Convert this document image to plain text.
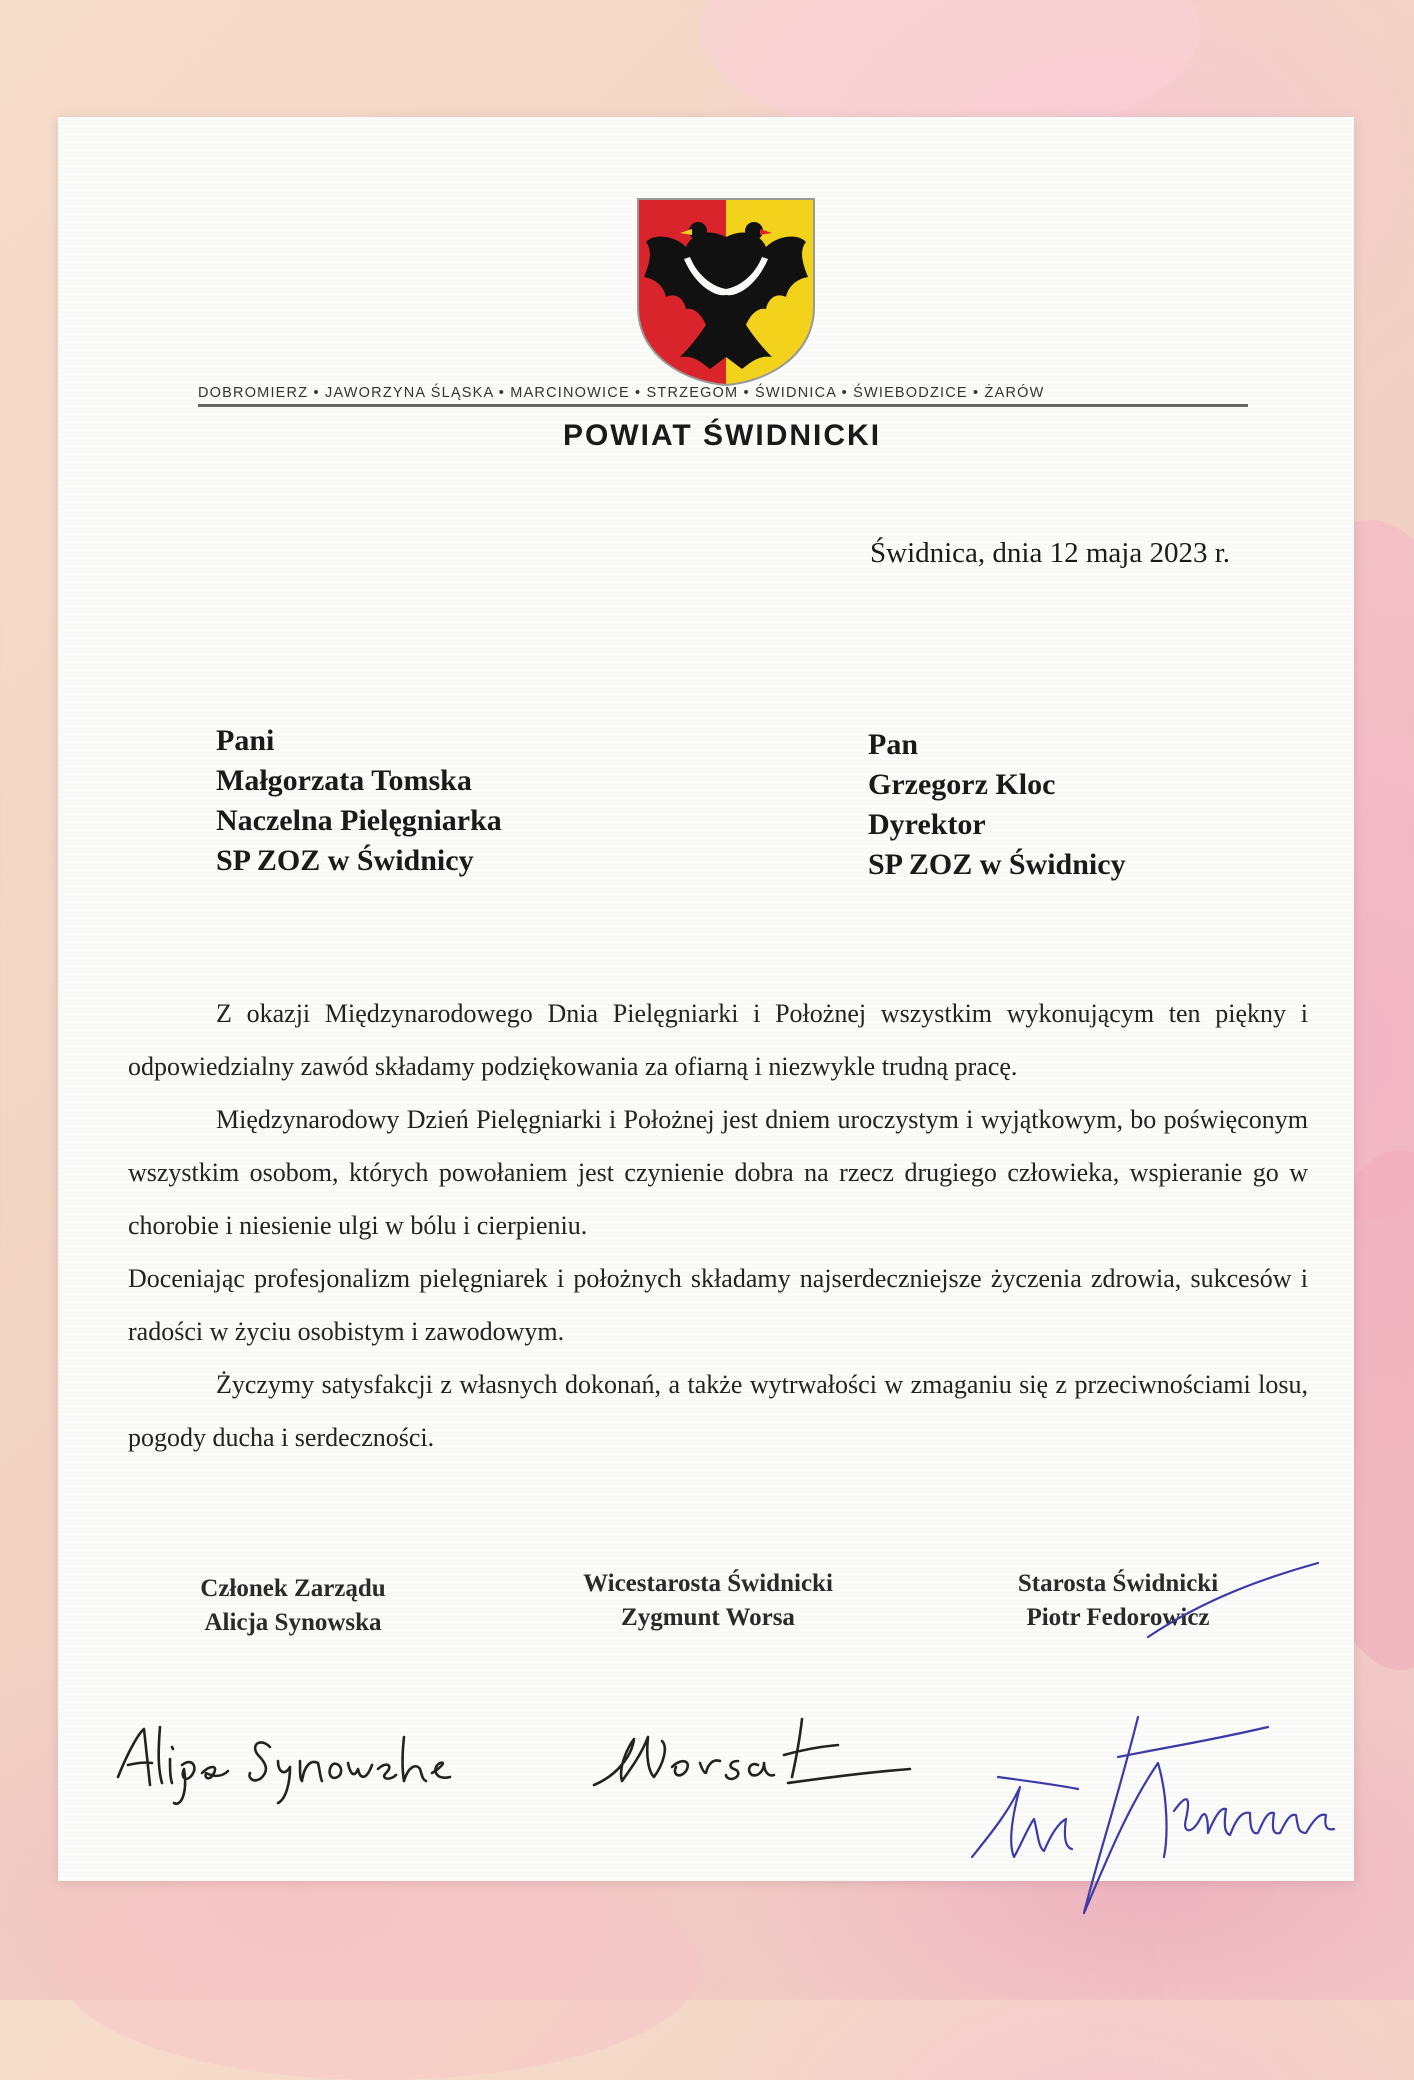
DOBROMIERZ • JAWORZYNA ŚLĄSKA • MARCINOWICE • STRZEGOM • ŚWIDNICA • ŚWIEBODZICE • ŻARÓW
POWIAT ŚWIDNICKI
Świdnica, dnia 12 maja 2023 r.
Pani
Małgorzata Tomska
Naczelna Pielęgniarka
SP ZOZ w Świdnicy
Pan
Grzegorz Kloc
Dyrektor
SP ZOZ w Świdnicy

Z okazji Międzynarodowego Dnia Pielęgniarki i Położnej wszystkim wykonującym ten piękny i odpowiedzialny zawód składamy podziękowania za ofiarną i niezwykle trudną pracę.

Międzynarodowy Dzień Pielęgniarki i Położnej jest dniem uroczystym i wyjątkowym, bo poświęconym wszystkim osobom, których powołaniem jest czynienie dobra na rzecz drugiego człowieka, wspieranie go w chorobie i niesienie ulgi w bólu i cierpieniu.

Doceniając profesjonalizm pielęgniarek i położnych składamy najserdeczniejsze życzenia zdrowia, sukcesów i radości w życiu osobistym i zawodowym.

Życzymy satysfakcji z własnych dokonań, a także wytrwałości w zmaganiu się z przeciwnościami losu, pogody ducha i serdeczności.

Członek Zarządu
Alicja Synowska
Wicestarosta Świdnicki
Zygmunt Worsa
Starosta Świdnicki
Piotr Fedorowicz
